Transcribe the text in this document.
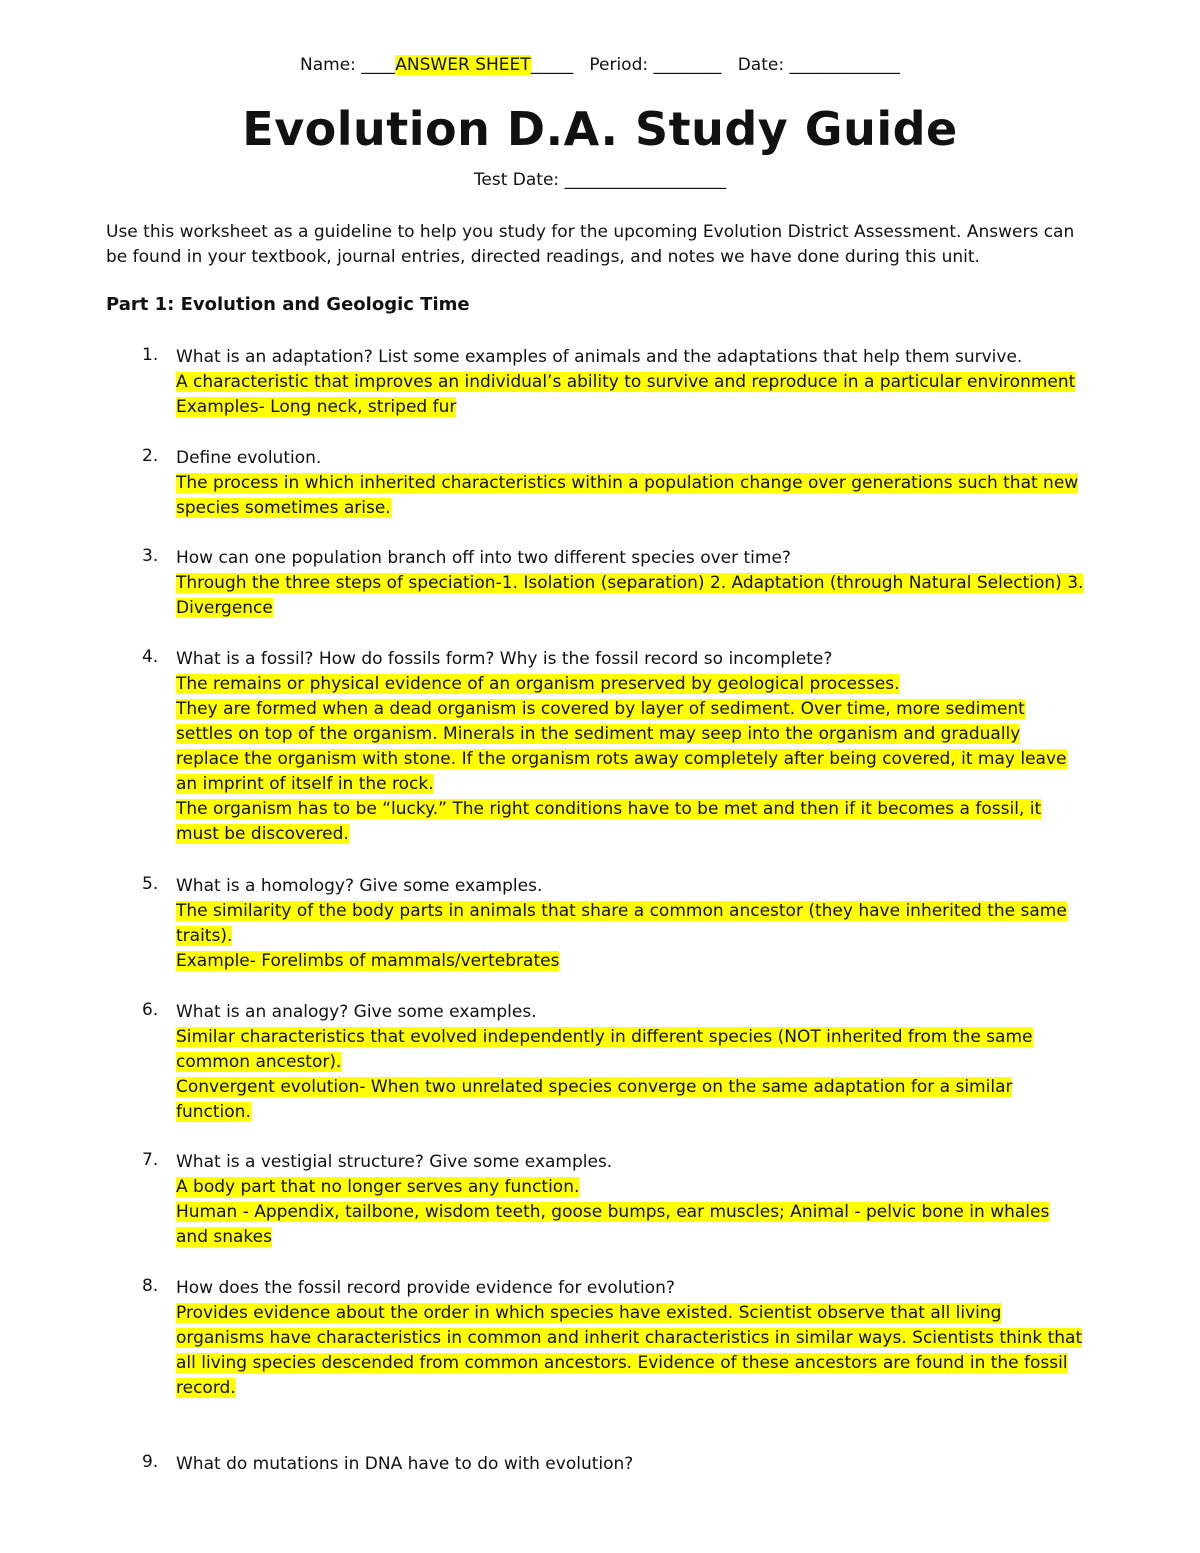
Name: ____ANSWER SHEET_____   Period: ________   Date: _____________
Evolution D.A. Study Guide
Test Date: ___________________
Use this worksheet as a guideline to help you study for the upcoming Evolution District Assessment. Answers can be found in your textbook, journal entries, directed readings, and notes we have done during this unit.
Part 1: Evolution and Geologic Time
1. What is an adaptation? List some examples of animals and the adaptations that help them survive.
A characteristic that improves an individual’s ability to survive and reproduce in a particular environment
Examples- Long neck, striped fur
2. Define evolution.
The process in which inherited characteristics within a population change over generations such that new species sometimes arise.
3. How can one population branch off into two different species over time?
Through the three steps of speciation-1. Isolation (separation) 2. Adaptation (through Natural Selection) 3. Divergence
4. What is a fossil? How do fossils form? Why is the fossil record so incomplete?
The remains or physical evidence of an organism preserved by geological processes.
They are formed when a dead organism is covered by layer of sediment. Over time, more sediment settles on top of the organism. Minerals in the sediment may seep into the organism and gradually replace the organism with stone. If the organism rots away completely after being covered, it may leave an imprint of itself in the rock.
The organism has to be “lucky.” The right conditions have to be met and then if it becomes a fossil, it must be discovered.
5. What is a homology? Give some examples.
The similarity of the body parts in animals that share a common ancestor (they have inherited the same traits).
Example- Forelimbs of mammals/vertebrates
6. What is an analogy? Give some examples.
Similar characteristics that evolved independently in different species (NOT inherited from the same common ancestor).
Convergent evolution- When two unrelated species converge on the same adaptation for a similar function.
7. What is a vestigial structure? Give some examples.
A body part that no longer serves any function.
Human - Appendix, tailbone, wisdom teeth, goose bumps, ear muscles; Animal - pelvic bone in whales and snakes
8. How does the fossil record provide evidence for evolution?
Provides evidence about the order in which species have existed. Scientist observe that all living organisms have characteristics in common and inherit characteristics in similar ways. Scientists think that all living species descended from common ancestors. Evidence of these ancestors are found in the fossil record.
9. What do mutations in DNA have to do with evolution?
